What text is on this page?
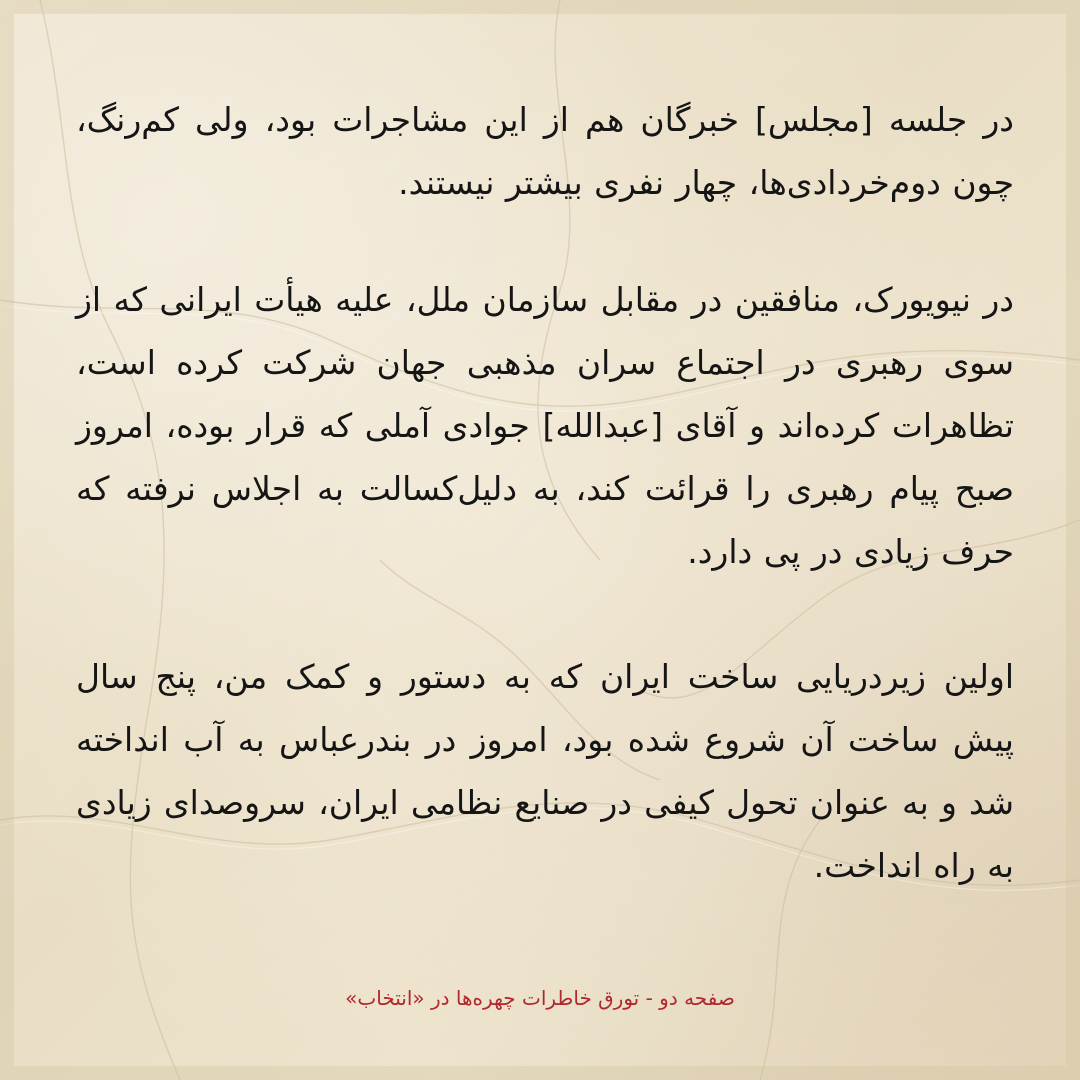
در جلسه [مجلس] خبرگان هم از این مشاجرات بود، ولی کم‌رنگ، چون دوم‌خردادی‌ها، چهار نفری بیشتر نیستند.

در نیویورک، منافقین در مقابل سازمان ملل، علیه هیأت ایرانی که از سوی رهبری در اجتماع سران مذهبی جهان شرکت کرده است، تظاهرات کرده‌اند و آقای [عبدالله] جوادی آملی که قرار بوده، امروز صبح پیام رهبری را قرائت کند، به دلیل‌کسالت به اجلاس نرفته که حرف زیادی در پی دارد.

اولین زیردریایی ساخت ایران که به دستور و کمک من، پنج سال پیش ساخت آن شروع شده بود، امروز در بندرعباس به آب انداخته شد و به عنوان تحول کیفی در صنایع نظامی ایران، سروصدای زیادی به راه انداخت.

صفحه دو - تورق خاطرات چهره‌ها در «انتخاب»
